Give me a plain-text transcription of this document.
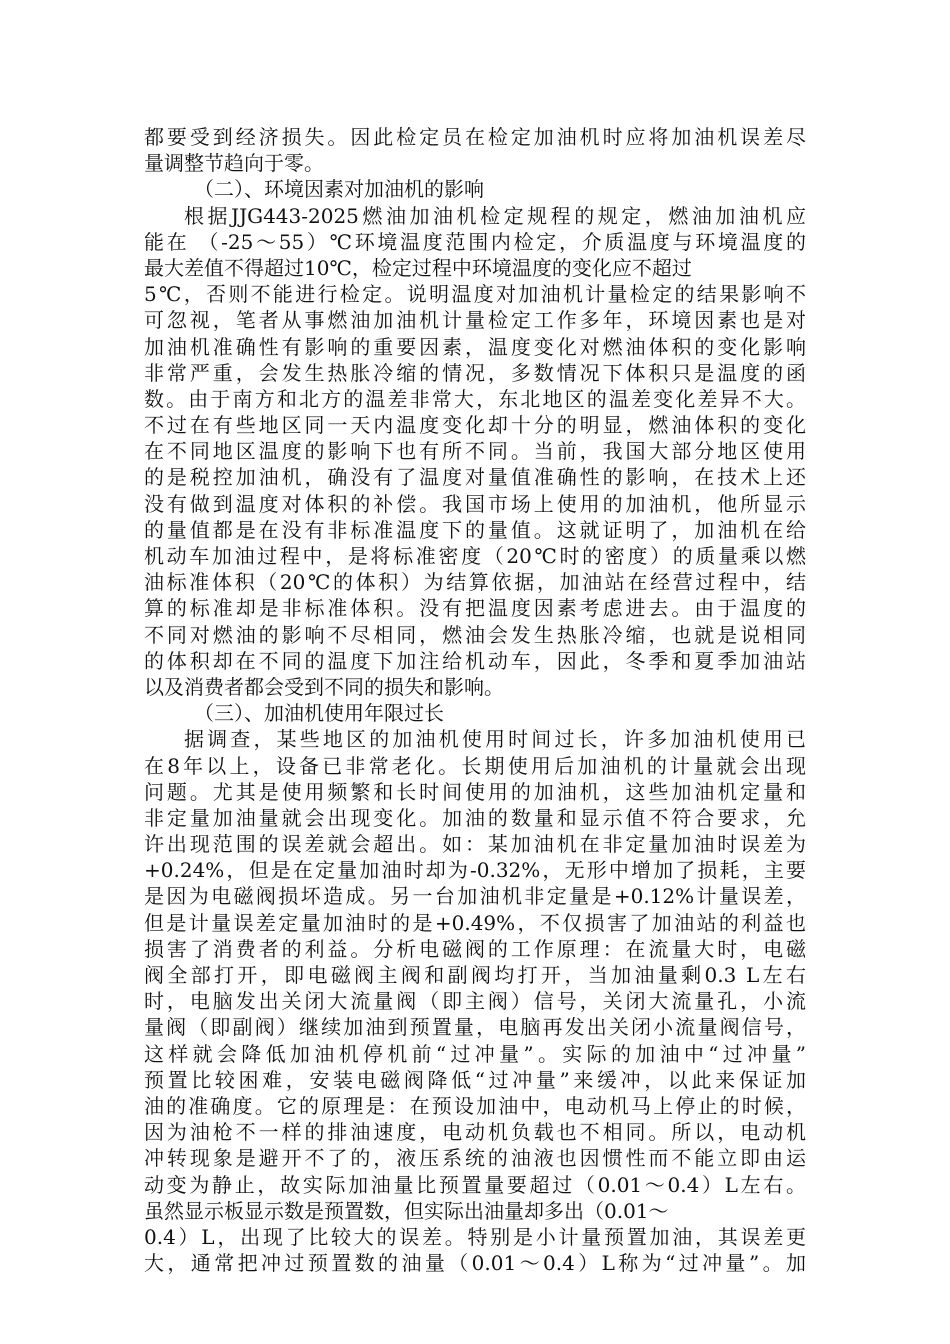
都要受到经济损失。因此检定员在检定加油机时应将加油机误差尽
量调整节趋向于零。
（二）、环境因素对加油机的影响
根据JJG443-2025燃油加油机检定规程的规定，燃油加油机应
能在 （-25～55）℃环境温度范围内检定，介质温度与环境温度的
最大差值不得超过10℃，检定过程中环境温度的变化应不超过
5℃，否则不能进行检定。说明温度对加油机计量检定的结果影响不
可忽视，笔者从事燃油加油机计量检定工作多年，环境因素也是对
加油机准确性有影响的重要因素，温度变化对燃油体积的变化影响
非常严重，会发生热胀冷缩的情况，多数情况下体积只是温度的函
数。由于南方和北方的温差非常大，东北地区的温差变化差异不大。
不过在有些地区同一天内温度变化却十分的明显，燃油体积的变化
在不同地区温度的影响下也有所不同。当前，我国大部分地区使用
的是税控加油机，确没有了温度对量值准确性的影响，在技术上还
没有做到温度对体积的补偿。我国市场上使用的加油机，他所显示
的量值都是在没有非标准温度下的量值。这就证明了，加油机在给
机动车加油过程中，是将标准密度（20℃时的密度）的质量乘以燃
油标准体积（20℃的体积）为结算依据，加油站在经营过程中，结
算的标准却是非标准体积。没有把温度因素考虑进去。由于温度的
不同对燃油的影响不尽相同，燃油会发生热胀冷缩，也就是说相同
的体积却在不同的温度下加注给机动车，因此，冬季和夏季加油站
以及消费者都会受到不同的损失和影响。
（三）、加油机使用年限过长
据调查，某些地区的加油机使用时间过长，许多加油机使用已
在8年以上，设备已非常老化。长期使用后加油机的计量就会出现
问题。尤其是使用频繁和长时间使用的加油机，这些加油机定量和
非定量加油量就会出现变化。加油的数量和显示值不符合要求，允
许出现范围的误差就会超出。如：某加油机在非定量加油时误差为
+0.24%，但是在定量加油时却为-0.32%，无形中增加了损耗，主要
是因为电磁阀损坏造成。另一台加油机非定量是+0.12%计量误差，
但是计量误差定量加油时的是+0.49%，不仅损害了加油站的利益也
损害了消费者的利益。分析电磁阀的工作原理：在流量大时，电磁
阀全部打开，即电磁阀主阀和副阀均打开，当加油量剩0.3 L左右
时，电脑发出关闭大流量阀（即主阀）信号，关闭大流量孔，小流
量阀（即副阀）继续加油到预置量，电脑再发出关闭小流量阀信号，
这样就会降低加油机停机前“过冲量”。实际的加油中“过冲量”
预置比较困难，安装电磁阀降低“过冲量”来缓冲，以此来保证加
油的准确度。它的原理是：在预设加油中，电动机马上停止的时候，
因为油枪不一样的排油速度，电动机负载也不相同。所以，电动机
冲转现象是避开不了的，液压系统的油液也因惯性而不能立即由运
动变为静止，故实际加油量比预置量要超过（0.01～0.4）L左右。
虽然显示板显示数是预置数，但实际出油量却多出（0.01～
0.4）L，出现了比较大的误差。特别是小计量预置加油，其误差更
大，通常把冲过预置数的油量（0.01～0.4）L称为“过冲量”。加
